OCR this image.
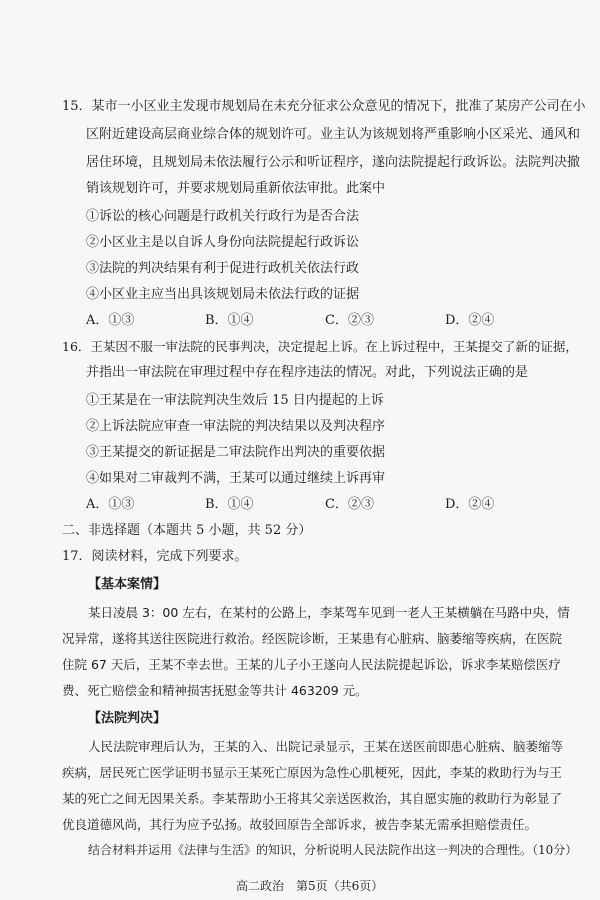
15．某市一小区业主发现市规划局在未充分征求公众意见的情况下，批准了某房产公司在小
区附近建设高层商业综合体的规划许可。业主认为该规划将严重影响小区采光、通风和
居住环境，且规划局未依法履行公示和听证程序，遂向法院提起行政诉讼。法院判决撤
销该规划许可，并要求规划局重新依法审批。此案中
①诉讼的核心问题是行政机关行政行为是否合法
②小区业主是以自诉人身份向法院提起行政诉讼
③法院的判决结果有利于促进行政机关依法行政
④小区业主应当出具该规划局未依法行政的证据
A．①③	B．①④	C．②③	D．②④
16．王某因不服一审法院的民事判决，决定提起上诉。在上诉过程中，王某提交了新的证据，
并指出一审法院在审理过程中存在程序违法的情况。对此，下列说法正确的是
①王某是在一审法院判决生效后 15 日内提起的上诉
②上诉法院应审查一审法院的判决结果以及判决程序
③王某提交的新证据是二审法院作出判决的重要依据
④如果对二审裁判不满，王某可以通过继续上诉再审
A．①③	B．①④	C．②③	D．②④
二、非选择题（本题共 5 小题，共 52 分）
17．阅读材料，完成下列要求。
【基本案情】
某日凌晨 3：00 左右，在某村的公路上，李某驾车见到一老人王某横躺在马路中央，情
况异常，遂将其送往医院进行救治。经医院诊断，王某患有心脏病、脑萎缩等疾病，在医院
住院 67 天后，王某不幸去世。王某的儿子小王遂向人民法院提起诉讼，诉求李某赔偿医疗
费、死亡赔偿金和精神损害抚慰金等共计 463209 元。
【法院判决】
人民法院审理后认为，王某的入、出院记录显示，王某在送医前即患心脏病、脑萎缩等
疾病，居民死亡医学证明书显示王某死亡原因为急性心肌梗死，因此，李某的救助行为与王
某的死亡之间无因果关系。李某帮助小王将其父亲送医救治，其自愿实施的救助行为彰显了
优良道德风尚，其行为应予弘扬。故驳回原告全部诉求，被告李某无需承担赔偿责任。
结合材料并运用《法律与生活》的知识，分析说明人民法院作出这一判决的合理性。（10分）
高二政治　第5页（共6页）
